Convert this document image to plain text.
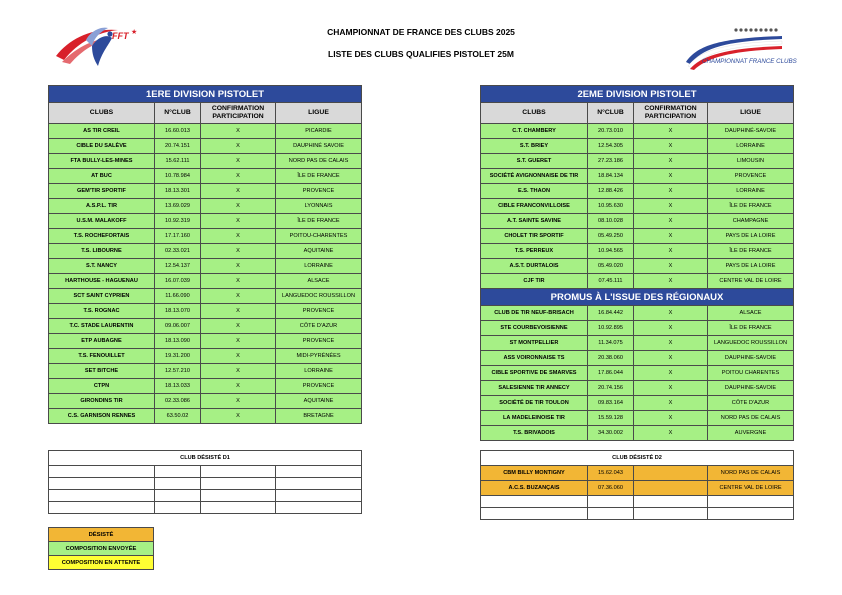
CHAMPIONNAT DE FRANCE DES CLUBS 2025
LISTE DES CLUBS QUALIFIES PISTOLET 25M
FFT ★
CHAMPIONNAT FRANCE CLUBS
1ERE DIVISION PISTOLET			
CLUBS	N°CLUB	CONFIRMATION
PARTICIPATION	LIGUE
AS TIR CREIL	16.60.013	X	PICARDIE
CIBLE DU SALÈVE	20.74.151	X	DAUPHINÉ SAVOIE
FTA BULLY-LES-MINES	15.62.111	X	NORD PAS DE CALAIS
AT BUC	10.78.984	X	ÎLE DE FRANCE
GEM'TIR SPORTIF	18.13.301	X	PROVENCE
A.S.P.L. TIR	13.69.029	X	LYONNAIS
U.S.M. MALAKOFF	10.92.319	X	ÎLE DE FRANCE
T.S. ROCHEFORTAIS	17.17.160	X	POITOU-CHARENTES
T.S. LIBOURNE	02.33.021	X	AQUITAINE
S.T. NANCY	12.54.137	X	LORRAINE
HARTHOUSE - HAGUENAU	16.07.039	X	ALSACE
SCT SAINT CYPRIEN	11.66.090	X	LANGUEDOC ROUSSILLON
T.S. ROGNAC	18.13.070	X	PROVENCE
T.C. STADE LAURENTIN	09.06.007	X	CÔTE D'AZUR
ETP AUBAGNE	18.13.090	X	PROVENCE
T.S. FENOUILLET	19.31.200	X	MIDI-PYRÉNÉES
SET BITCHE	12.57.210	X	LORRAINE
CTPN	18.13.033	X	PROVENCE
GIRONDINS TIR	02.33.086	X	AQUITAINE
C.S. GARNISON RENNES	63.50.02	X	BRETAGNE
2EME DIVISION PISTOLET			
CLUBS	N°CLUB	CONFIRMATION
PARTICIPATION	LIGUE
C.T. CHAMBERY	20.73.010	X	DAUPHINÉ-SAVOIE
S.T. BRIEY	12.54.305	X	LORRAINE
S.T. GUERET	27.23.186	X	LIMOUSIN
SOCIÉTÉ AVIGNONNAISE DE TIR	18.84.134	X	PROVENCE
E.S. THAON	12.88.426	X	LORRAINE
CIBLE FRANCONVILLOISE	10.95.630	X	ÎLE DE FRANCE
A.T. SAINTE SAVINE	08.10.028	X	CHAMPAGNE
CHOLET TIR SPORTIF	05.49.250	X	PAYS DE LA LOIRE
T.S. PERREUX	10.94.565	X	ÎLE DE FRANCE
A.S.T. DURTALOIS	05.49.020	X	PAYS DE LA LOIRE
CJF TIR	07.45.111	X	CENTRE VAL DE LOIRE
PROMUS À L'ISSUE DES RÉGIONAUX			
CLUB DE TIR NEUF-BRISACH	16.84.442	X	ALSACE
STE COURBEVOISIENNE	10.92.895	X	ÎLE DE FRANCE
ST MONTPELLIER	11.34.075	X	LANGUEDOC ROUSSILLON
ASS VOIRONNAISE TS	20.38.060	X	DAUPHINE-SAVOIE
CIBLE SPORTIVE DE SMARVES	17.86.044	X	POITOU CHARENTES
SALESIENNE TIR ANNECY	20.74.156	X	DAUPHINE-SAVOIE
SOCIÉTÉ DE TIR TOULON	09.83.164	X	CÔTE D'AZUR
LA MADELEINOISE TIR	15.59.128	X	NORD PAS DE CALAIS
T.S. BRIVADOIS	34.30.002	X	AUVERGNE
CLUB DÉSISTÉ D1			

				CLUB DÉSISTÉ D2			
CBM BILLY MONTIGNY	15.62.043		NORD PAS DE CALAIS
A.C.S. BUZANÇAIS	07.36.060		CENTRE VAL DE LOIRE

DÉSISTÉ
COMPOSITION ENVOYÉE
COMPOSITION EN ATTENTE
